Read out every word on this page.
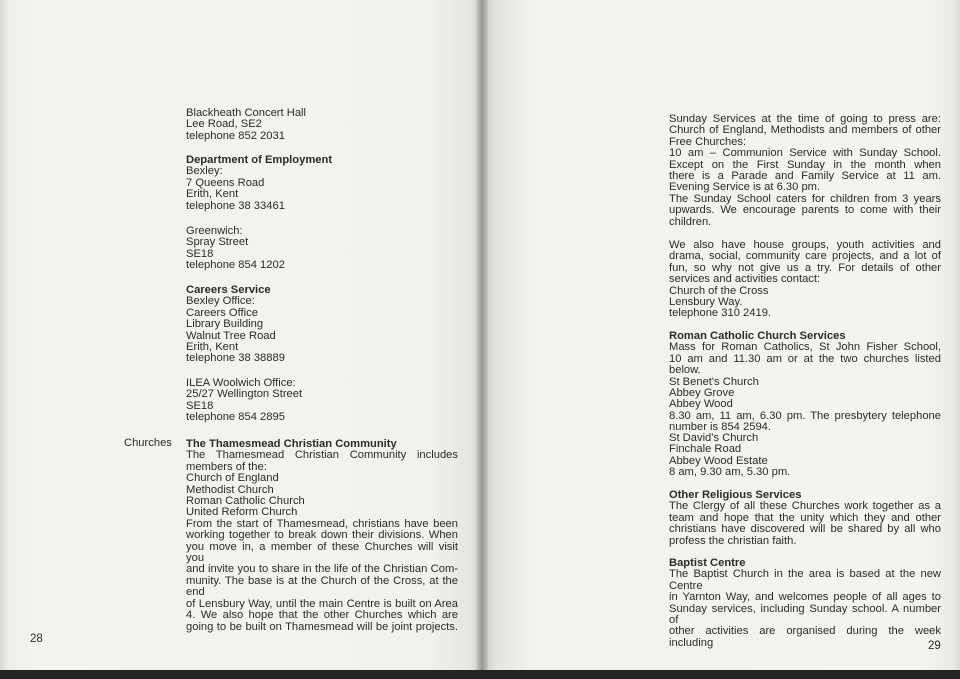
Blackheath Concert Hall
Lee Road, SE2
telephone 852 2031
Department of Employment
Bexley:
7 Queens Road
Erith, Kent
telephone 38 33461
Greenwich:
Spray Street
SE18
telephone 854 1202
Careers Service
Bexley Office:
Careers Office
Library Building
Walnut Tree Road
Erith, Kent
telephone 38 38889
ILEA Woolwich Office:
25/27 Wellington Street
SE18
telephone 854 2895
Churches The Thamesmead Christian Community
The Thamesmead Christian Community includes
members of the:
Church of England
Methodist Church
Roman Catholic Church
United Reform Church
From the start of Thamesmead, christians have been
working together to break down their divisions. When
you move in, a member of these Churches will visit you
and invite you to share in the life of the Christian Com-
munity. The base is at the Church of the Cross, at the end
of Lensbury Way, until the main Centre is built on Area
4. We also hope that the other Churches which are
going to be built on Thamesmead will be joint projects.
28
Sunday Services at the time of going to press are:
Church of England, Methodists and members of other
Free Churches:
10 am – Communion Service with Sunday School.
Except on the First Sunday in the month when
there is a Parade and Family Service at 11 am.
Evening Service is at 6.30 pm.
The Sunday School caters for children from 3 years
upwards. We encourage parents to come with their
children.
We also have house groups, youth activities and
drama, social, community care projects, and a lot of
fun, so why not give us a try. For details of other
services and activities contact:
Church of the Cross
Lensbury Way.
telephone 310 2419.
Roman Catholic Church Services
Mass for Roman Catholics, St John Fisher School,
10 am and 11.30 am or at the two churches listed below.
St Benet's Church
Abbey Grove
Abbey Wood
8.30 am, 11 am, 6.30 pm. The presbytery telephone
number is 854 2594.
St David's Church
Finchale Road
Abbey Wood Estate
8 am, 9.30 am, 5.30 pm.
Other Religious Services
The Clergy of all these Churches work together as a
team and hope that the unity which they and other
christians have discovered will be shared by all who
profess the christian faith.
Baptist Centre
The Baptist Church in the area is based at the new Centre
in Yarnton Way, and welcomes people of all ages to
Sunday services, including Sunday school. A number of
other activities are organised during the week including	29
